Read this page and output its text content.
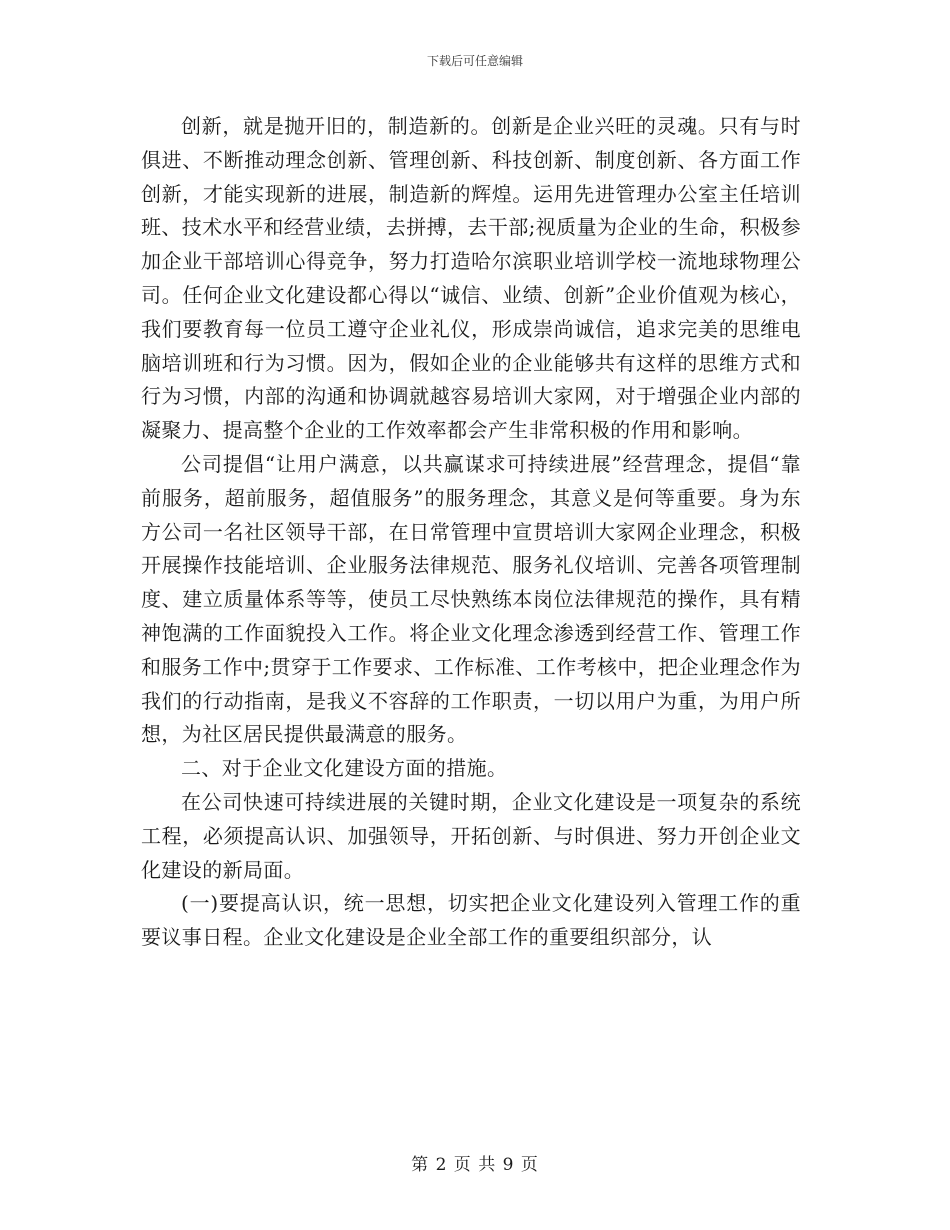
下载后可任意编辑

创新，就是抛开旧的，制造新的。创新是企业兴旺的灵魂。只有与时俱进、不断推动理念创新、管理创新、科技创新、制度创新、各方面工作创新，才能实现新的进展，制造新的辉煌。运用先进管理办公室主任培训班、技术水平和经营业绩，去拼搏，去干部;视质量为企业的生命，积极参加企业干部培训心得竞争，努力打造哈尔滨职业培训学校一流地球物理公司。任何企业文化建设都心得以“诚信、业绩、创新”企业价值观为核心，我们要教育每一位员工遵守企业礼仪，形成崇尚诚信，追求完美的思维电脑培训班和行为习惯。因为，假如企业的企业能够共有这样的思维方式和行为习惯，内部的沟通和协调就越容易培训大家网，对于增强企业内部的凝聚力、提高整个企业的工作效率都会产生非常积极的作用和影响。

公司提倡“让用户满意，以共赢谋求可持续进展”经营理念，提倡“靠前服务，超前服务，超值服务”的服务理念，其意义是何等重要。身为东方公司一名社区领导干部，在日常管理中宣贯培训大家网企业理念，积极开展操作技能培训、企业服务法律规范、服务礼仪培训、完善各项管理制度、建立质量体系等等，使员工尽快熟练本岗位法律规范的操作，具有精神饱满的工作面貌投入工作。将企业文化理念渗透到经营工作、管理工作和服务工作中;贯穿于工作要求、工作标准、工作考核中，把企业理念作为我们的行动指南，是我义不容辞的工作职责，一切以用户为重，为用户所想，为社区居民提供最满意的服务。

二、对于企业文化建设方面的措施。

在公司快速可持续进展的关键时期，企业文化建设是一项复杂的系统工程，必须提高认识、加强领导，开拓创新、与时俱进、努力开创企业文化建设的新局面。

(一)要提高认识，统一思想，切实把企业文化建设列入管理工作的重要议事日程。企业文化建设是企业全部工作的重要组织部分，认

第 2 页 共 9 页
